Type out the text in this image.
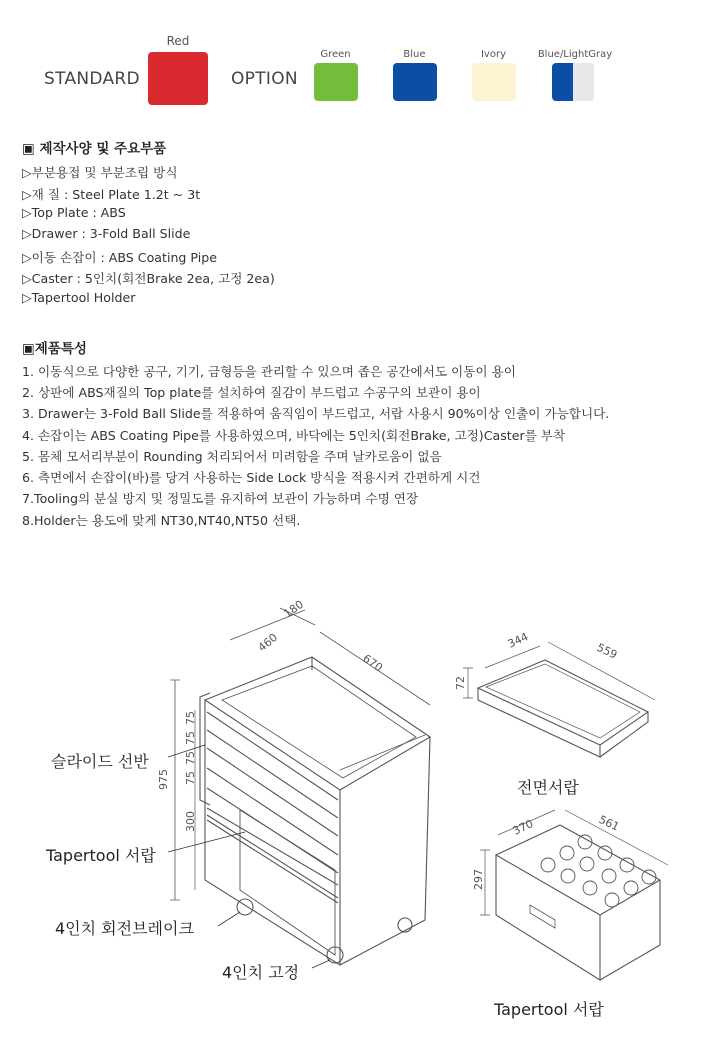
STANDARD
Red
OPTION
Green	Blue	Ivory	Blue/LightGray
▣ 제작사양 및 주요부품
▷부분용접 및 부분조립 방식
▷재 질 : Steel Plate 1.2t ~ 3t
▷Top Plate : ABS
▷Drawer : 3-Fold Ball Slide
▷이동 손잡이 : ABS Coating Pipe
▷Caster : 5인치(회전Brake 2ea, 고정 2ea)
▷Tapertool Holder
▣제품특성
1. 이동식으로 다양한 공구, 기기, 금형등을 관리할 수 있으며 좁은 공간에서도 이동이 용이
2. 상판에 ABS재질의 Top plate를 설치하여 질감이 부드럽고 수공구의 보관이 용이
3. Drawer는 3-Fold Ball Slide를 적용하여 움직임이 부드럽고, 서랍 사용시 90%이상 인출이 가능합니다.
4. 손잡이는 ABS Coating Pipe를 사용하였으며, 바닥에는 5인치(회전Brake, 고정)Caster를 부착
5. 몸체 모서리부분이 Rounding 처리되어서 미려함을 주며 날카로움이 없음
6. 측면에서 손잡이(바)를 당겨 사용하는 Side Lock 방식을 적용시켜 간편하게 시건
7.Tooling의 분실 방지 및 정밀도를 유지하여 보관이 가능하며 수명 연장
8.Holder는 용도에 맞게 NT30,NT40,NT50 선택.
180
460
670
975
75
75
75
75
300
344
559
72
370	561
297
슬라이드 선반
Tapertool 서랍
4인치 회전브레이크
4인치 고정
전면서랍
Tapertool 서랍
